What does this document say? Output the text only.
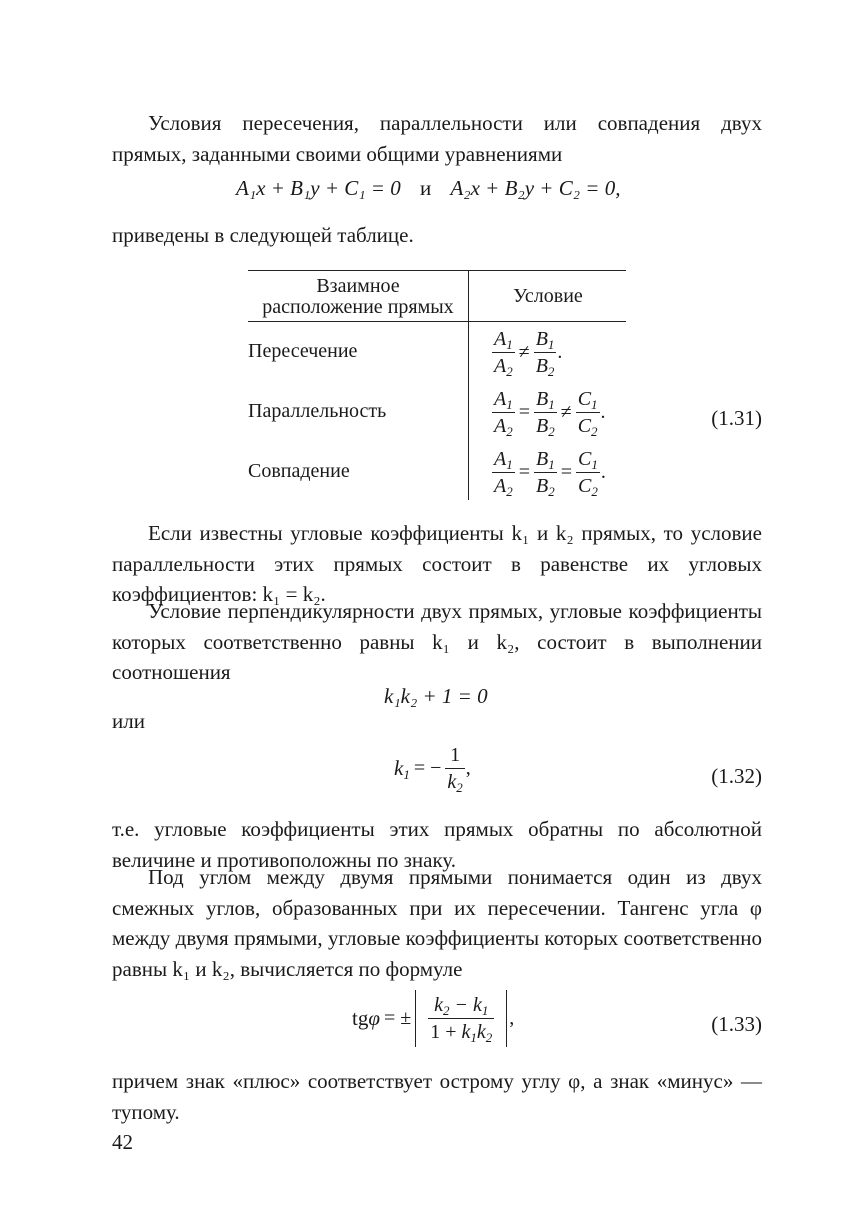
Условия пересечения, параллельности или совпадения двух прямых, заданными своими общими уравнениями

A₁x + B₁y + C₁ = 0 и A₂x + B₂y + C₂ = 0,

приведены в следующей таблице.

Взаимное
расположение прямых	Условие
Пересечение	$\frac{A_1}{A_2} \ne \frac{B_1}{B_2}$ .
Параллельность	$\frac{A_1}{A_2} = \frac{B_1}{B_2} \ne \frac{C_1}{C_2}$ .
Совпадение	$\frac{A_1}{A_2} = \frac{B_1}{B_2} = \frac{C_1}{C_2}$ .
(1.31)

Если известны угловые коэффициенты k₁ и k₂ прямых, то условие параллельности этих прямых состоит в равенстве их угловых коэффициентов: k₁ = k₂.

Условие перпендикулярности двух прямых, угловые коэффициенты которых соответственно равны k₁ и k₂, состоит в выполнении соотношения

k₁k₂ + 1 = 0

или

$k_1$ = − $\frac{1}{k_2}$ ,	(1.32)

т.е. угловые коэффициенты этих прямых обратны по абсолютной величине и противоположны по знаку.

Под углом между двумя прямыми понимается один из двух смежных углов, образованных при их пересечении. Тангенс угла φ между двумя прямыми, угловые коэффициенты которых соответственно равны k₁ и k₂, вычисляется по формуле

tgφ = ± $\frac{k_2 - k_1}{1 + k_1k_2}$ ,	(1.33)

причем знак «плюс» соответствует острому углу φ, а знак «минус» — тупому.

42
